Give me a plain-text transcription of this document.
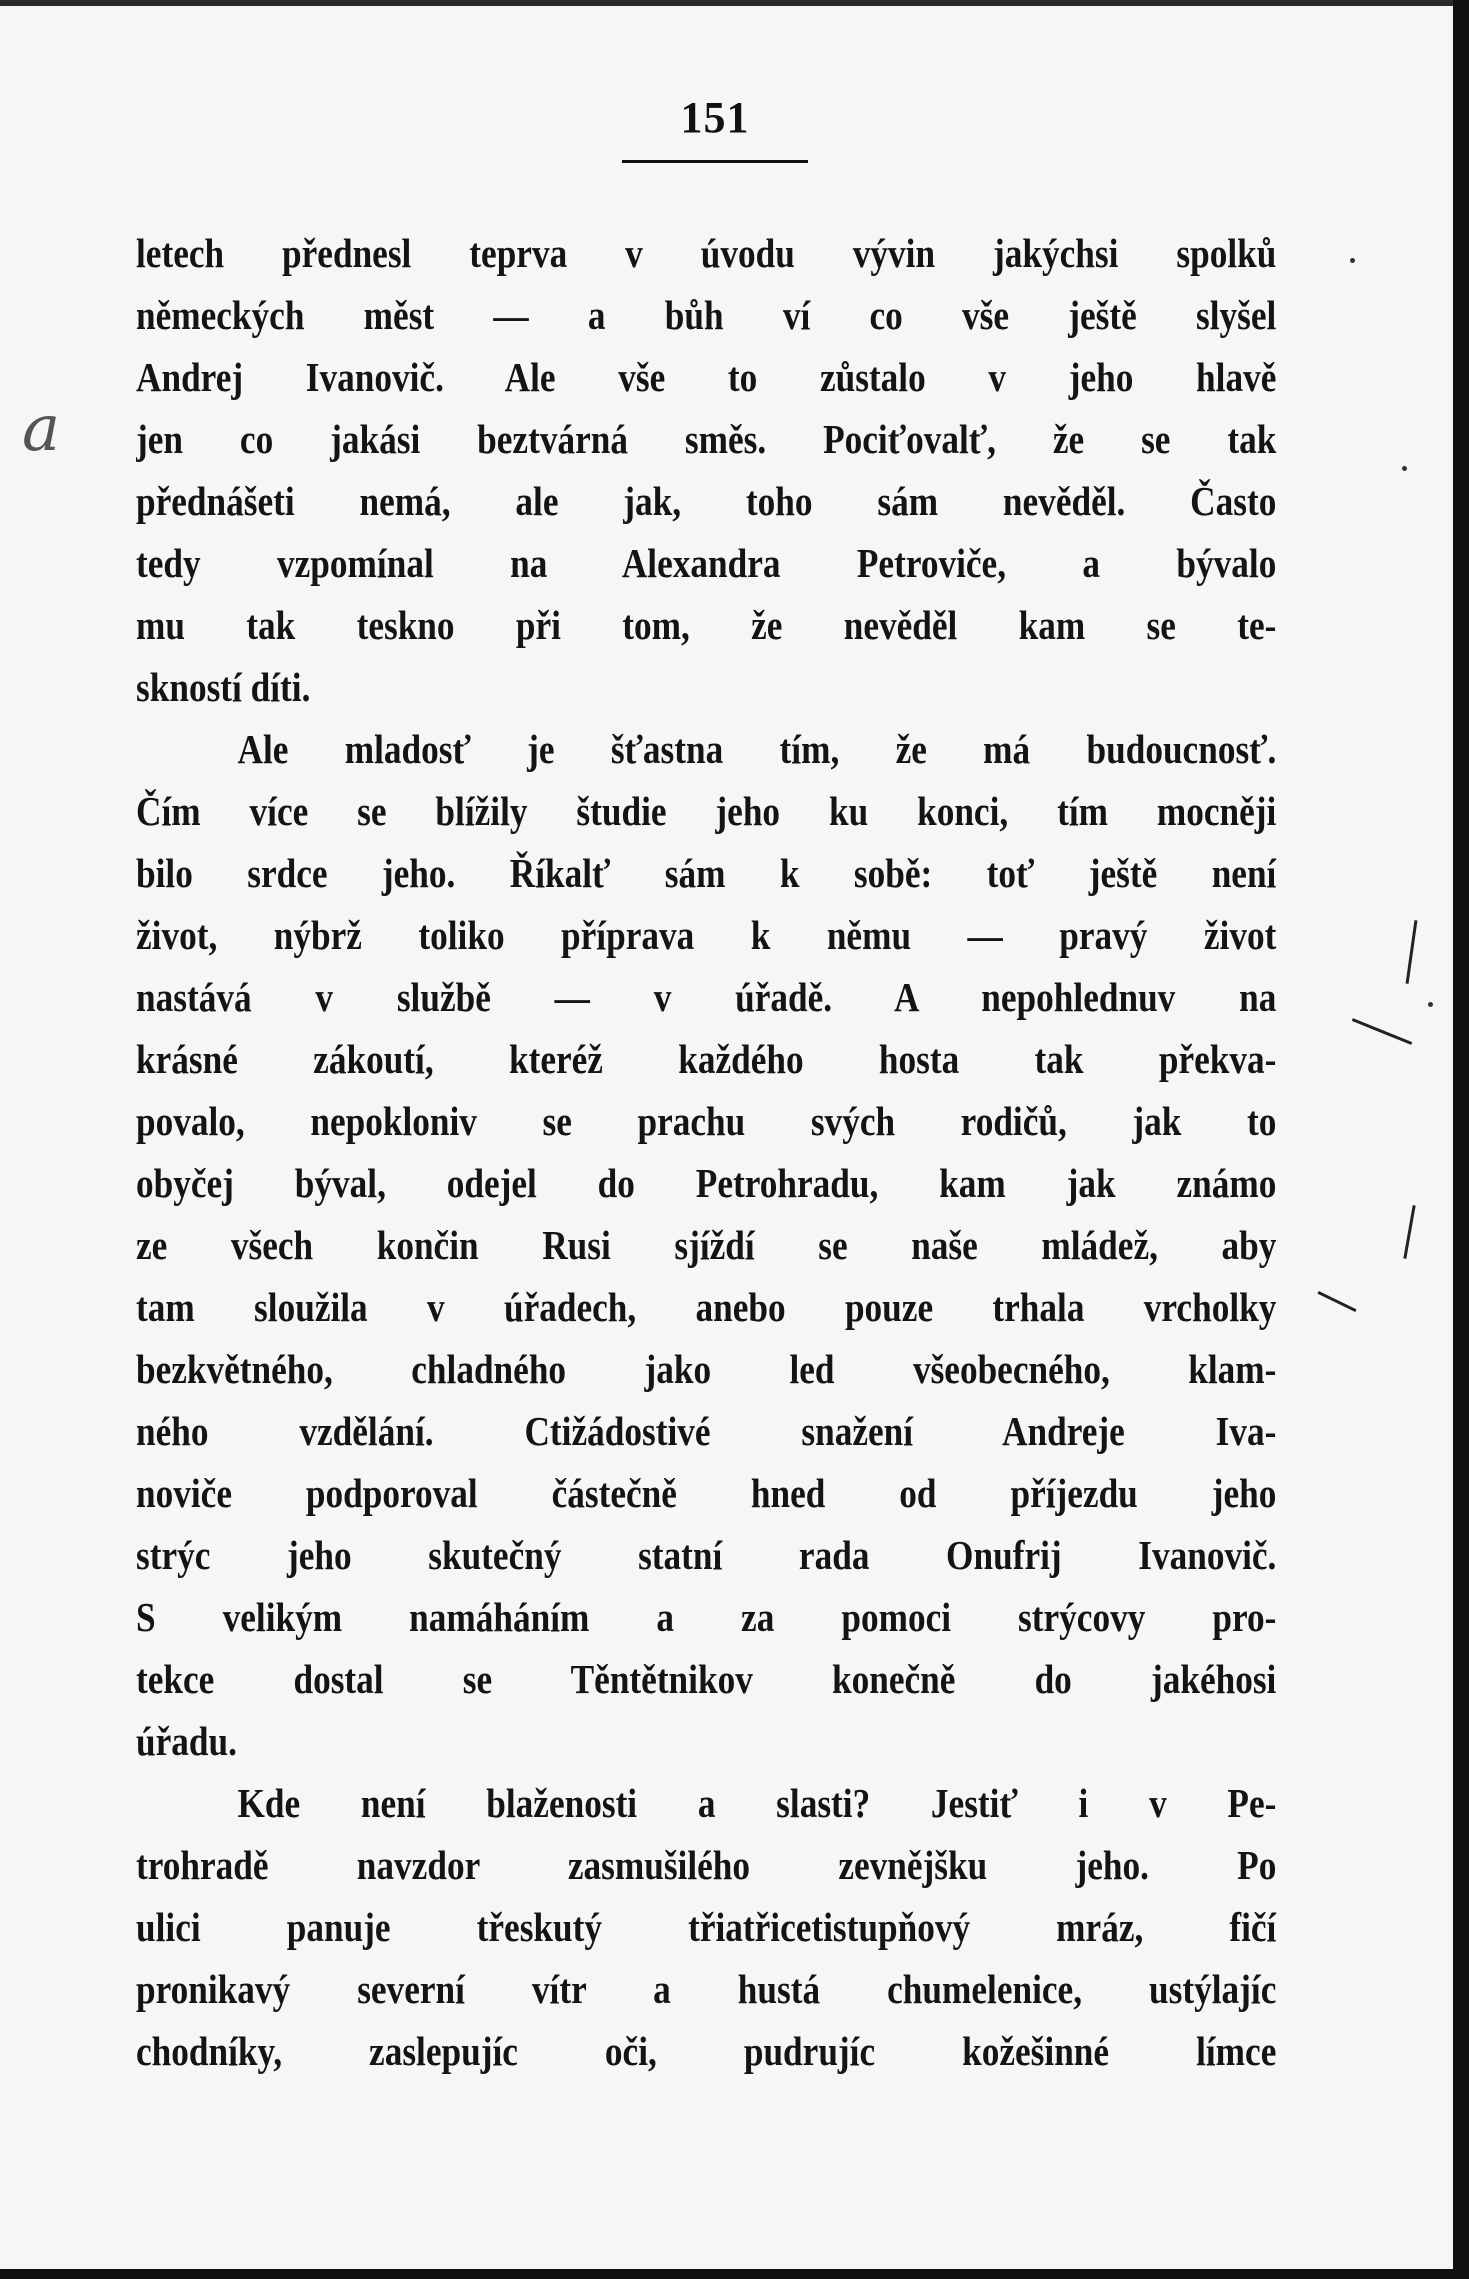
151
a
letech přednesl teprva v úvodu vývin jakýchsi spolků
německých měst — a bůh ví co vše ještě slyšel
Andrej Ivanovič. Ale vše to zůstalo v jeho hlavě
jen co jakási beztvárná směs. Pociťovalť, že se tak
přednášeti nemá, ale jak, toho sám nevěděl. Často
tedy vzpomínal na Alexandra Petroviče, a bývalo
mu tak teskno při tom, že nevěděl kam se te-
skností díti.
Ale mladosť je šťastna tím, že má budoucnosť.
Čím více se blížily študie jeho ku konci, tím mocněji
bilo srdce jeho. Říkalť sám k sobě: toť ještě není
život, nýbrž toliko příprava k němu — pravý život
nastává v službě — v úřadě. A nepohlednuv na
krásné zákoutí, kteréž každého hosta tak překva-
povalo, nepokloniv se prachu svých rodičů, jak to
obyčej býval, odejel do Petrohradu, kam jak známo
ze všech končin Rusi sjíždí se naše mládež, aby
tam sloužila v úřadech, anebo pouze trhala vrcholky
bezkvětného, chladného jako led všeobecného, klam-
ného vzdělání. Ctižádostivé snažení Andreje Iva-
noviče podporoval částečně hned od příjezdu jeho
strýc jeho skutečný statní rada Onufrij Ivanovič.
S velikým namáháním a za pomoci strýcovy pro-
tekce dostal se Těntětnikov konečně do jakéhosi
úřadu.
Kde není blaženosti a slasti? Jestiť i v Pe-
trohradě navzdor zasmušilého zevnějšku jeho. Po
ulici panuje třeskutý třiatřicetistupňový mráz, fičí
pronikavý severní vítr a hustá chumelenice, ustýlajíc
chodníky, zaslepujíc oči, pudrujíc kožešinné límce
